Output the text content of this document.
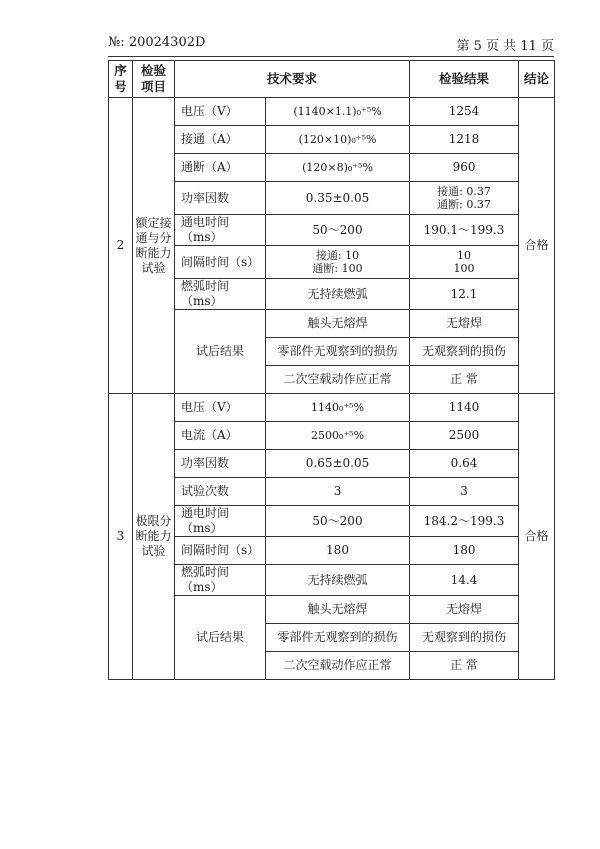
№: 20024302D	第 5 页 共 11 页
序号	检验项目	技术要求		检验结果	结论
2	额定接通与分断能力试验	电压（V）	(1140×1.1)₀⁺⁵%	1254	合格
		接通（A）	(120×10)₀⁺⁵%	1218	
		通断（A）	(120×8)₀⁺⁵%	960	
		功率因数	0.35±0.05	接通: 0.37
通断: 0.37	

		通电时间（ms）	50～200	190.1～199.3	
		间隔时间（s）	接通: 10
通断: 100	10
100	

		燃弧时间（ms）	无持续燃弧	12.1	
		试后结果	触头无熔焊	无熔焊	
			零部件无观察到的损伤	无观察到的损伤	
			二次空载动作应正常	正 常	
3	极限分断能力试验	电压（V）	1140₀⁺⁵%	1140	合格
		电流（A）	2500₀⁺⁵%	2500	
		功率因数	0.65±0.05	0.64	
		试验次数	3	3	
		通电时间（ms）	50～200	184.2～199.3	
		间隔时间（s）	180	180	
		燃弧时间（ms）	无持续燃弧	14.4	
		试后结果	触头无熔焊	无熔焊	
			零部件无观察到的损伤	无观察到的损伤	
			二次空载动作应正常	正 常	
